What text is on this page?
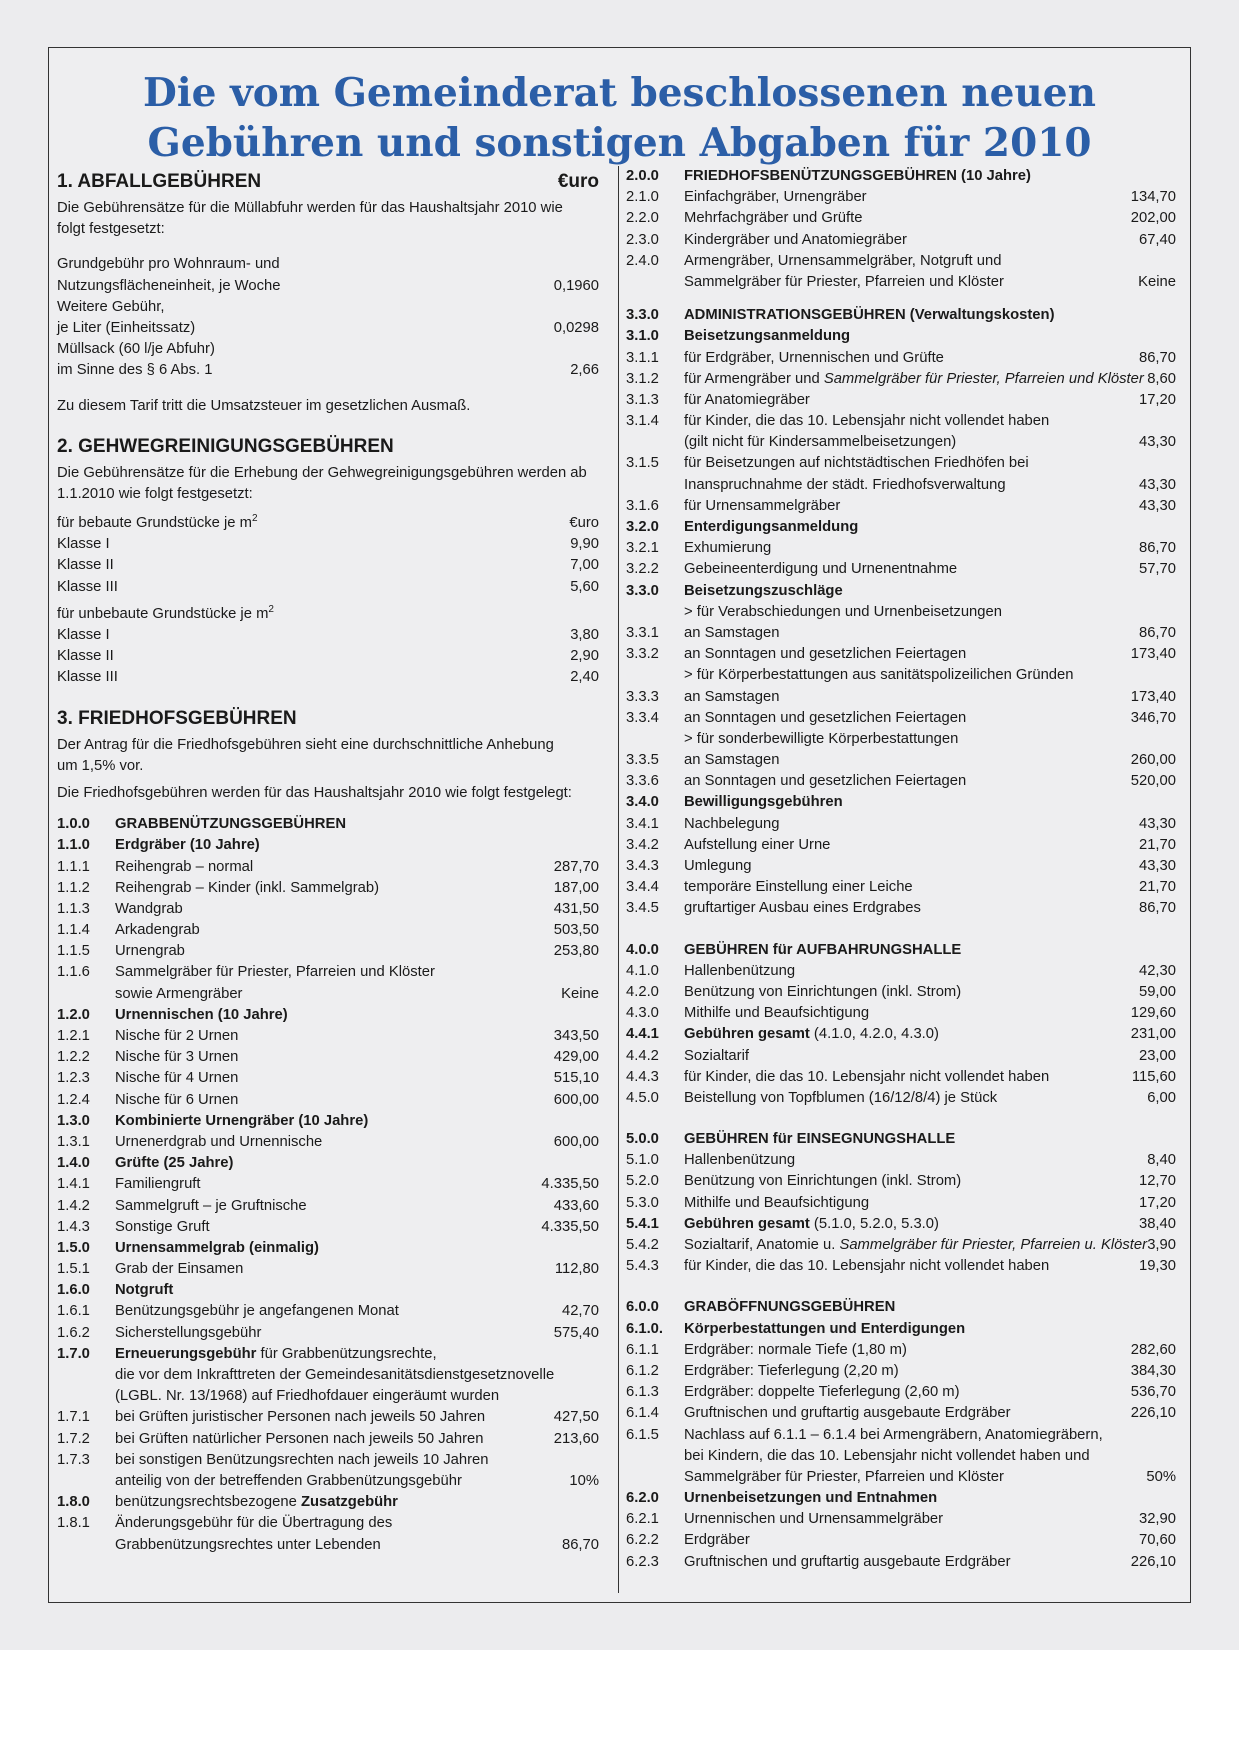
Die vom Gemeinderat beschlossenen neuen
Gebühren und sonstigen Abgaben für 2010
1. ABFALLGEBÜHREN	€uro
Die Gebührensätze für die Müllabfuhr werden für das Haushaltsjahr 2010 wie
folgt festgesetzt:
Grundgebühr pro Wohnraum- und
Nutzungsflächeneinheit, je Woche	0,1960
Weitere Gebühr,
je Liter (Einheitssatz)	0,0298
Müllsack (60 l/je Abfuhr)
im Sinne des § 6 Abs. 1	2,66
Zu diesem Tarif tritt die Umsatzsteuer im gesetzlichen Ausmaß.
2. GEHWEGREINIGUNGSGEBÜHREN
Die Gebührensätze für die Erhebung der Gehwegreinigungsgebühren werden ab
1.1.2010 wie folgt festgesetzt:
für bebaute Grundstücke je $m^2$	€uro
Klasse I	9,90
Klasse II	7,00
Klasse III	5,60
für unbebaute Grundstücke je $m^2$
Klasse I	3,80
Klasse II	2,90
Klasse III	2,40
3. FRIEDHOFSGEBÜHREN
Der Antrag für die Friedhofsgebühren sieht eine durchschnittliche Anhebung
um 1,5% vor.
Die Friedhofsgebühren werden für das Haushaltsjahr 2010 wie folgt festgelegt:
1.0.0 GRABBENÜTZUNGSGEBÜHREN
1.1.0 Erdgräber (10 Jahre)
1.1.1 Reihengrab – normal	287,70
1.1.2 Reihengrab – Kinder (inkl. Sammelgrab)	187,00
1.1.3 Wandgrab	431,50
1.1.4 Arkadengrab	503,50
1.1.5 Urnengrab	253,80
1.1.6 Sammelgräber für Priester, Pfarreien und Klöster
sowie Armengräber	Keine
1.2.0 Urnennischen (10 Jahre)
1.2.1 Nische für 2 Urnen	343,50
1.2.2 Nische für 3 Urnen	429,00
1.2.3 Nische für 4 Urnen	515,10
1.2.4 Nische für 6 Urnen	600,00
1.3.0 Kombinierte Urnengräber (10 Jahre)
1.3.1 Urnenerdgrab und Urnennische	600,00
1.4.0 Grüfte (25 Jahre)
1.4.1 Familiengruft	4.335,50
1.4.2 Sammelgruft – je Gruftnische	433,60
1.4.3 Sonstige Gruft	4.335,50
1.5.0 Urnensammelgrab (einmalig)
1.5.1 Grab der Einsamen	112,80
1.6.0 Notgruft
1.6.1 Benützungsgebühr je angefangenen Monat	42,70
1.6.2 Sicherstellungsgebühr	575,40
1.7.0 Erneuerungsgebühr für Grabbenützungsrechte,
die vor dem Inkrafttreten der Gemeindesanitätsdienstgesetznovelle
(LGBL. Nr. 13/1968) auf Friedhofdauer eingeräumt wurden
1.7.1 bei Grüften juristischer Personen nach jeweils 50 Jahren	427,50
1.7.2 bei Grüften natürlicher Personen nach jeweils 50 Jahren	213,60
1.7.3 bei sonstigen Benützungsrechten nach jeweils 10 Jahren
anteilig von der betreffenden Grabbenützungsgebühr	10%
1.8.0 benützungsrechtsbezogene Zusatzgebühr
1.8.1 Änderungsgebühr für die Übertragung des
Grabbenützungsrechtes unter Lebenden	86,70
2.0.0 FRIEDHOFSBENÜTZUNGSGEBÜHREN (10 Jahre)
2.1.0 Einfachgräber, Urnengräber	134,70
2.2.0 Mehrfachgräber und Grüfte	202,00
2.3.0 Kindergräber und Anatomiegräber	67,40
2.4.0 Armengräber, Urnensammelgräber, Notgruft und
Sammelgräber für Priester, Pfarreien und Klöster	Keine
3.3.0 ADMINISTRATIONSGEBÜHREN (Verwaltungskosten)
3.1.0 Beisetzungsanmeldung
3.1.1 für Erdgräber, Urnennischen und Grüfte	86,70
3.1.2 für Armengräber und Sammelgräber für Priester, Pfarreien und Klöster 8,60
3.1.3 für Anatomiegräber	17,20
3.1.4 für Kinder, die das 10. Lebensjahr nicht vollendet haben
(gilt nicht für Kindersammelbeisetzungen)	43,30
3.1.5 für Beisetzungen auf nichtstädtischen Friedhöfen bei
Inanspruchnahme der städt. Friedhofsverwaltung	43,30
3.1.6 für Urnensammelgräber	43,30
3.2.0 Enterdigungsanmeldung
3.2.1 Exhumierung	86,70
3.2.2 Gebeineenterdigung und Urnenentnahme	57,70
3.3.0 Beisetzungszuschläge
> für Verabschiedungen und Urnenbeisetzungen
3.3.1 an Samstagen	86,70
3.3.2 an Sonntagen und gesetzlichen Feiertagen	173,40
> für Körperbestattungen aus sanitätspolizeilichen Gründen
3.3.3 an Samstagen	173,40
3.3.4 an Sonntagen und gesetzlichen Feiertagen	346,70
> für sonderbewilligte Körperbestattungen
3.3.5 an Samstagen	260,00
3.3.6 an Sonntagen und gesetzlichen Feiertagen	520,00
3.4.0 Bewilligungsgebühren
3.4.1 Nachbelegung	43,30
3.4.2 Aufstellung einer Urne	21,70
3.4.3 Umlegung	43,30
3.4.4 temporäre Einstellung einer Leiche	21,70
3.4.5 gruftartiger Ausbau eines Erdgrabes	86,70
4.0.0 GEBÜHREN für AUFBAHRUNGSHALLE
4.1.0 Hallenbenützung	42,30
4.2.0 Benützung von Einrichtungen (inkl. Strom)	59,00
4.3.0 Mithilfe und Beaufsichtigung	129,60
4.4.1 Gebühren gesamt (4.1.0, 4.2.0, 4.3.0)	231,00
4.4.2 Sozialtarif	23,00
4.4.3 für Kinder, die das 10. Lebensjahr nicht vollendet haben	115,60
4.5.0 Beistellung von Topfblumen (16/12/8/4) je Stück	6,00
5.0.0 GEBÜHREN für EINSEGNUNGSHALLE
5.1.0 Hallenbenützung	8,40
5.2.0 Benützung von Einrichtungen (inkl. Strom)	12,70
5.3.0 Mithilfe und Beaufsichtigung	17,20
5.4.1 Gebühren gesamt (5.1.0, 5.2.0, 5.3.0)	38,40
5.4.2 Sozialtarif, Anatomie u. Sammelgräber für Priester, Pfarreien u. Klöster 3,90
5.4.3 für Kinder, die das 10. Lebensjahr nicht vollendet haben	19,30
6.0.0 GRABÖFFNUNGSGEBÜHREN
6.1.0. Körperbestattungen und Enterdigungen
6.1.1 Erdgräber: normale Tiefe (1,80 m)	282,60
6.1.2 Erdgräber: Tieferlegung (2,20 m)	384,30
6.1.3 Erdgräber: doppelte Tieferlegung (2,60 m)	536,70
6.1.4 Gruftnischen und gruftartig ausgebaute Erdgräber	226,10
6.1.5 Nachlass auf 6.1.1 – 6.1.4 bei Armengräbern, Anatomiegräbern,
bei Kindern, die das 10. Lebensjahr nicht vollendet haben und
Sammelgräber für Priester, Pfarreien und Klöster	50%
6.2.0 Urnenbeisetzungen und Entnahmen
6.2.1 Urnennischen und Urnensammelgräber	32,90
6.2.2 Erdgräber	70,60
6.2.3 Gruftnischen und gruftartig ausgebaute Erdgräber	226,10
